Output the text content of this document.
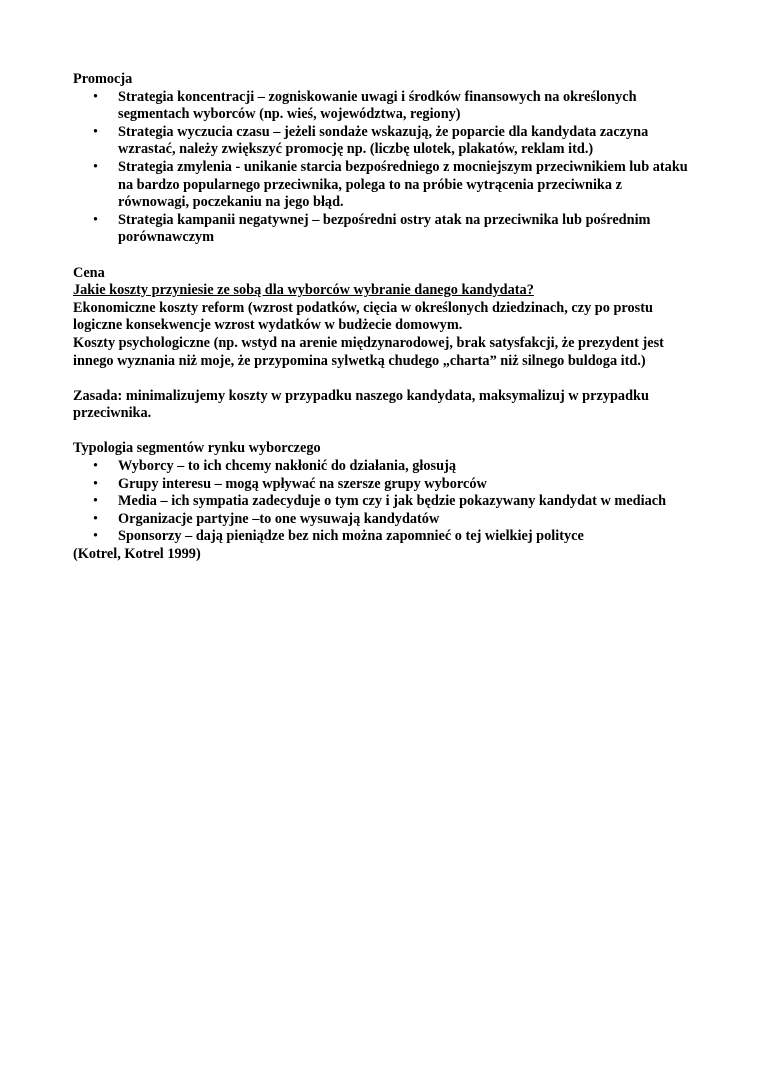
Promocja

• Strategia koncentracji – zogniskowanie uwagi i środków finansowych na określonych segmentach wyborców (np. wieś, województwa, regiony)
• Strategia wyczucia czasu – jeżeli sondaże wskazują, że poparcie dla kandydata zaczyna wzrastać, należy zwiększyć promocję np. (liczbę ulotek, plakatów, reklam itd.)
• Strategia zmylenia - unikanie starcia bezpośredniego z mocniejszym przeciwnikiem lub ataku na bardzo popularnego przeciwnika, polega to na próbie wytrącenia przeciwnika z równowagi, poczekaniu na jego błąd.
• Strategia kampanii negatywnej – bezpośredni ostry atak na przeciwnika lub pośrednim porównawczym

Cena

Jakie koszty przyniesie ze sobą dla wyborców wybranie danego kandydata?

Ekonomiczne koszty reform (wzrost podatków, cięcia w określonych dziedzinach, czy po prostu logiczne konsekwencje wzrost wydatków w budżecie domowym.

Koszty psychologiczne (np. wstyd na arenie międzynarodowej, brak satysfakcji, że prezydent jest innego wyznania niż moje, że przypomina sylwetką chudego „charta” niż silnego buldoga itd.)

Zasada: minimalizujemy koszty w przypadku naszego kandydata, maksymalizuj w przypadku przeciwnika.

Typologia segmentów rynku wyborczego

• Wyborcy – to ich chcemy nakłonić do działania, głosują
• Grupy interesu – mogą wpływać na szersze grupy wyborców
• Media – ich sympatia zadecyduje o tym czy i jak będzie pokazywany kandydat w mediach
• Organizacje partyjne –to one wysuwają kandydatów
• Sponsorzy – dają pieniądze bez nich można zapomnieć o tej wielkiej polityce

(Kotrel, Kotrel 1999)
